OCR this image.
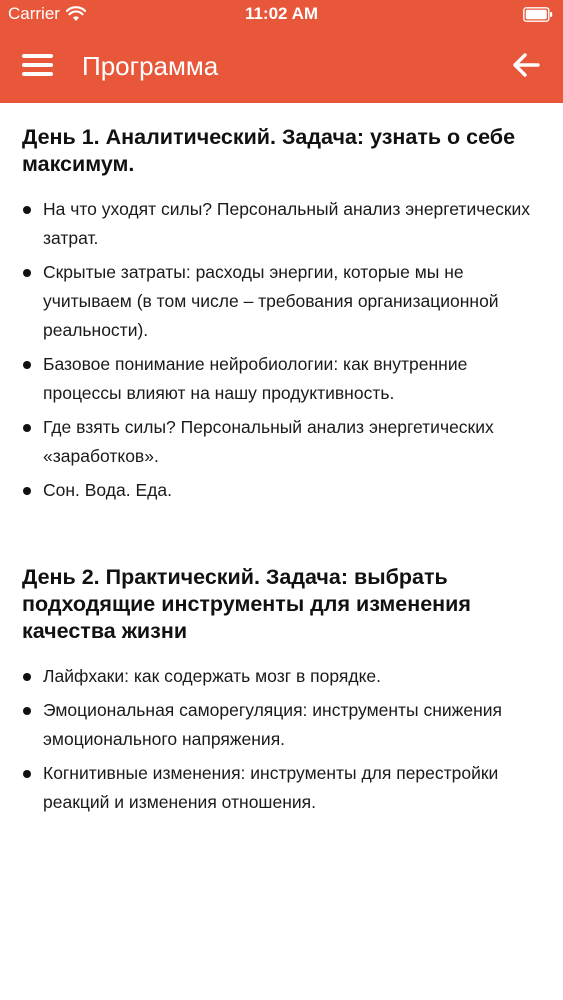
Carrier	11:02 AM
Программа
День 1. Аналитический. Задача: узнать о себе максимум.
На что уходят силы? Персональный анализ энергетических затрат.
Скрытые затраты: расходы энергии, которые мы не учитываем (в том числе – требования организационной реальности).
Базовое понимание нейробиологии: как внутренние процессы влияют на нашу продуктивность.
Где взять силы? Персональный анализ энергетических «заработков».
Сон. Вода. Еда.
День 2. Практический. Задача: выбрать подходящие инструменты для изменения качества жизни
Лайфхаки: как содержать мозг в порядке.
Эмоциональная саморегуляция: инструменты снижения эмоционального напряжения.
Когнитивные изменения: инструменты для перестройки реакций и изменения отношения.
